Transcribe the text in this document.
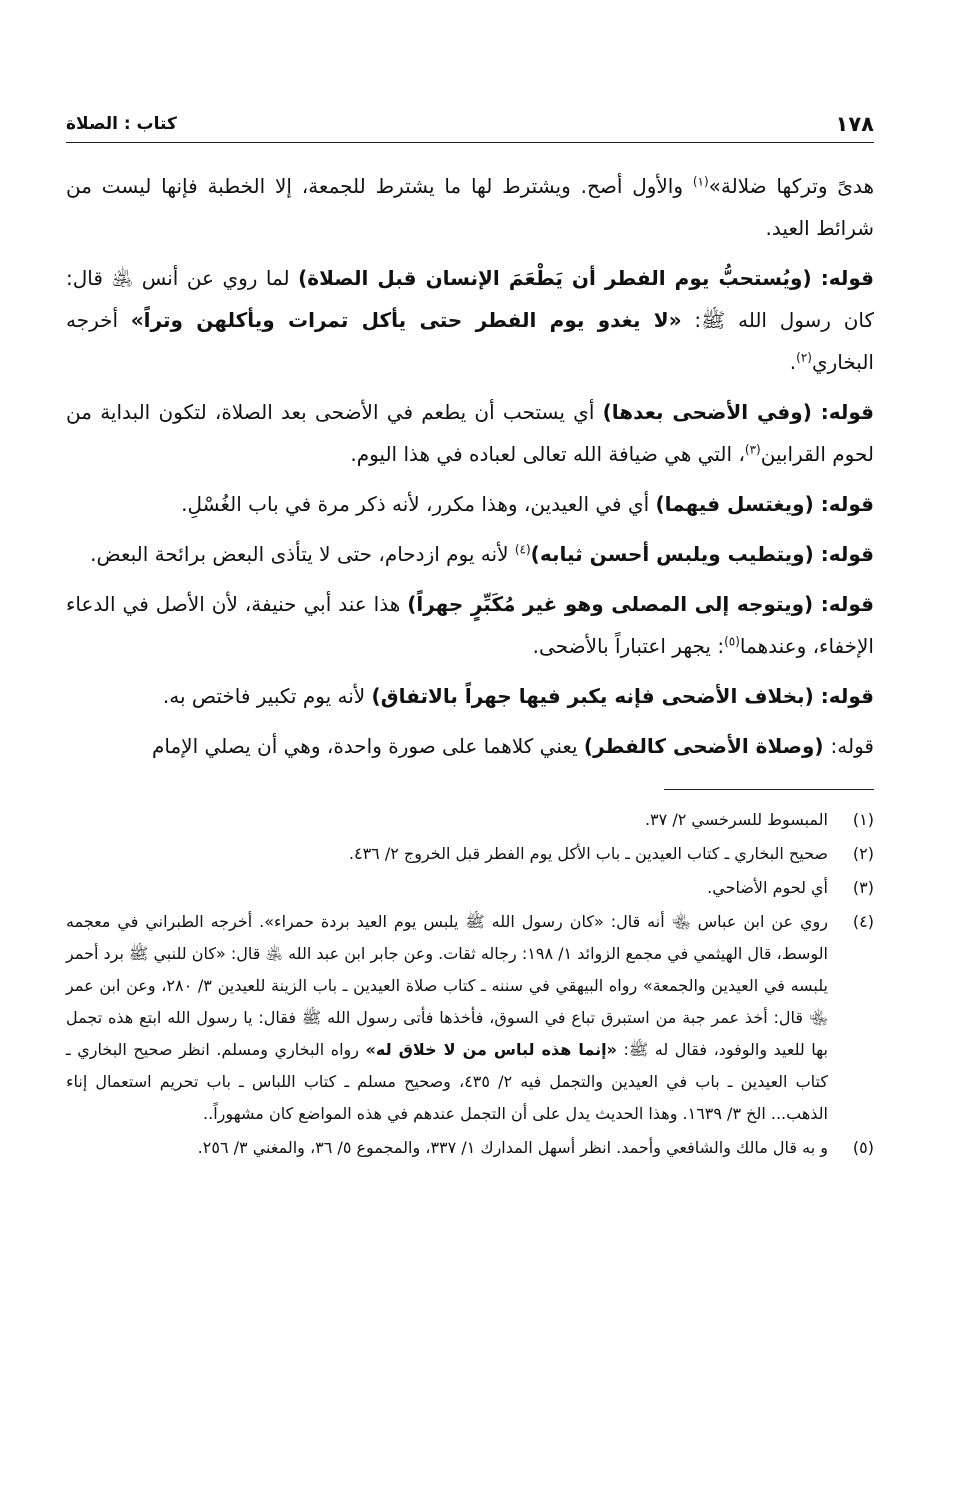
١٧٨
كتاب : الصلاة

هدىً وتركها ضلالة»$^{(١)}$ والأول أصح. ويشترط لها ما يشترط للجمعة، إلا الخطبة فإنها ليست من شرائط العيد.

قوله: (ويُستحبُّ يوم الفطر أن يَطْعَمَ الإنسان قبل الصلاة) لما روي عن أنس ﵁ قال: كان رسول الله ﷺ: «لا يغدو يوم الفطر حتى يأكل تمرات ويأكلهن وتراً» أخرجه البخاري$^{(٢)}$.

قوله: (وفي الأضحى بعدها) أي يستحب أن يطعم في الأضحى بعد الصلاة، لتكون البداية من لحوم القرابين$^{(٣)}$، التي هي ضيافة الله تعالى لعباده في هذا اليوم.

قوله: (ويغتسل فيهما) أي في العيدين، وهذا مكرر، لأنه ذكر مرة في باب الغُسْلِ.

قوله: (ويتطيب ويلبس أحسن ثيابه)$^{(٤)}$ لأنه يوم ازدحام، حتى لا يتأذى البعض برائحة البعض.

قوله: (ويتوجه إلى المصلى وهو غير مُكَبِّرٍ جهراً) هذا عند أبي حنيفة، لأن الأصل في الدعاء الإخفاء، وعندهما$^{(٥)}$: يجهر اعتباراً بالأضحى.

قوله: (بخلاف الأضحى فإنه يكبر فيها جهراً بالاتفاق) لأنه يوم تكبير فاختص به.

قوله: (وصلاة الأضحى كالفطر) يعني كلاهما على صورة واحدة، وهي أن يصلي الإمام

(١)
المبسوط للسرخسي ٢/ ٣٧.
(٢)
صحيح البخاري ـ كتاب العيدين ـ باب الأكل يوم الفطر قبل الخروج ٢/ ٤٣٦.
(٣)
أي لحوم الأضاحي.
(٤)
روي عن ابن عباس ﵄ أنه قال: «كان رسول الله ﷺ يلبس يوم العيد بردة حمراء». أخرجه الطبراني في معجمه الوسط، قال الهيثمي في مجمع الزوائد ١/ ١٩٨: رجاله ثقات. وعن جابر ابن عبد الله ﵁ قال: «كان للنبي ﷺ برد أحمر يلبسه في العيدين والجمعة» رواه البيهقي في سننه ـ كتاب صلاة العيدين ـ باب الزينة للعيدين ٣/ ٢٨٠، وعن ابن عمر ﵄ قال: أخذ عمر جبة من استبرق تباع في السوق، فأخذها فأتى رسول الله ﷺ فقال: يا رسول الله ابتع هذه تجمل بها للعيد والوفود، فقال له ﷺ: «إنما هذه لباس من لا خلاق له» رواه البخاري ومسلم. انظر صحيح البخاري ـ كتاب العيدين ـ باب في العيدين والتجمل فيه ٢/ ٤٣٥، وصحيح مسلم ـ كتاب اللباس ـ باب تحريم استعمال إناء الذهب... الخ ٣/ ١٦٣٩. وهذا الحديث يدل على أن التجمل عندهم في هذه المواضع كان مشهوراً..
(٥)
و به قال مالك والشافعي وأحمد. انظر أسهل المدارك ١/ ٣٣٧، والمجموع ٥/ ٣٦، والمغني ٣/ ٢٥٦.
